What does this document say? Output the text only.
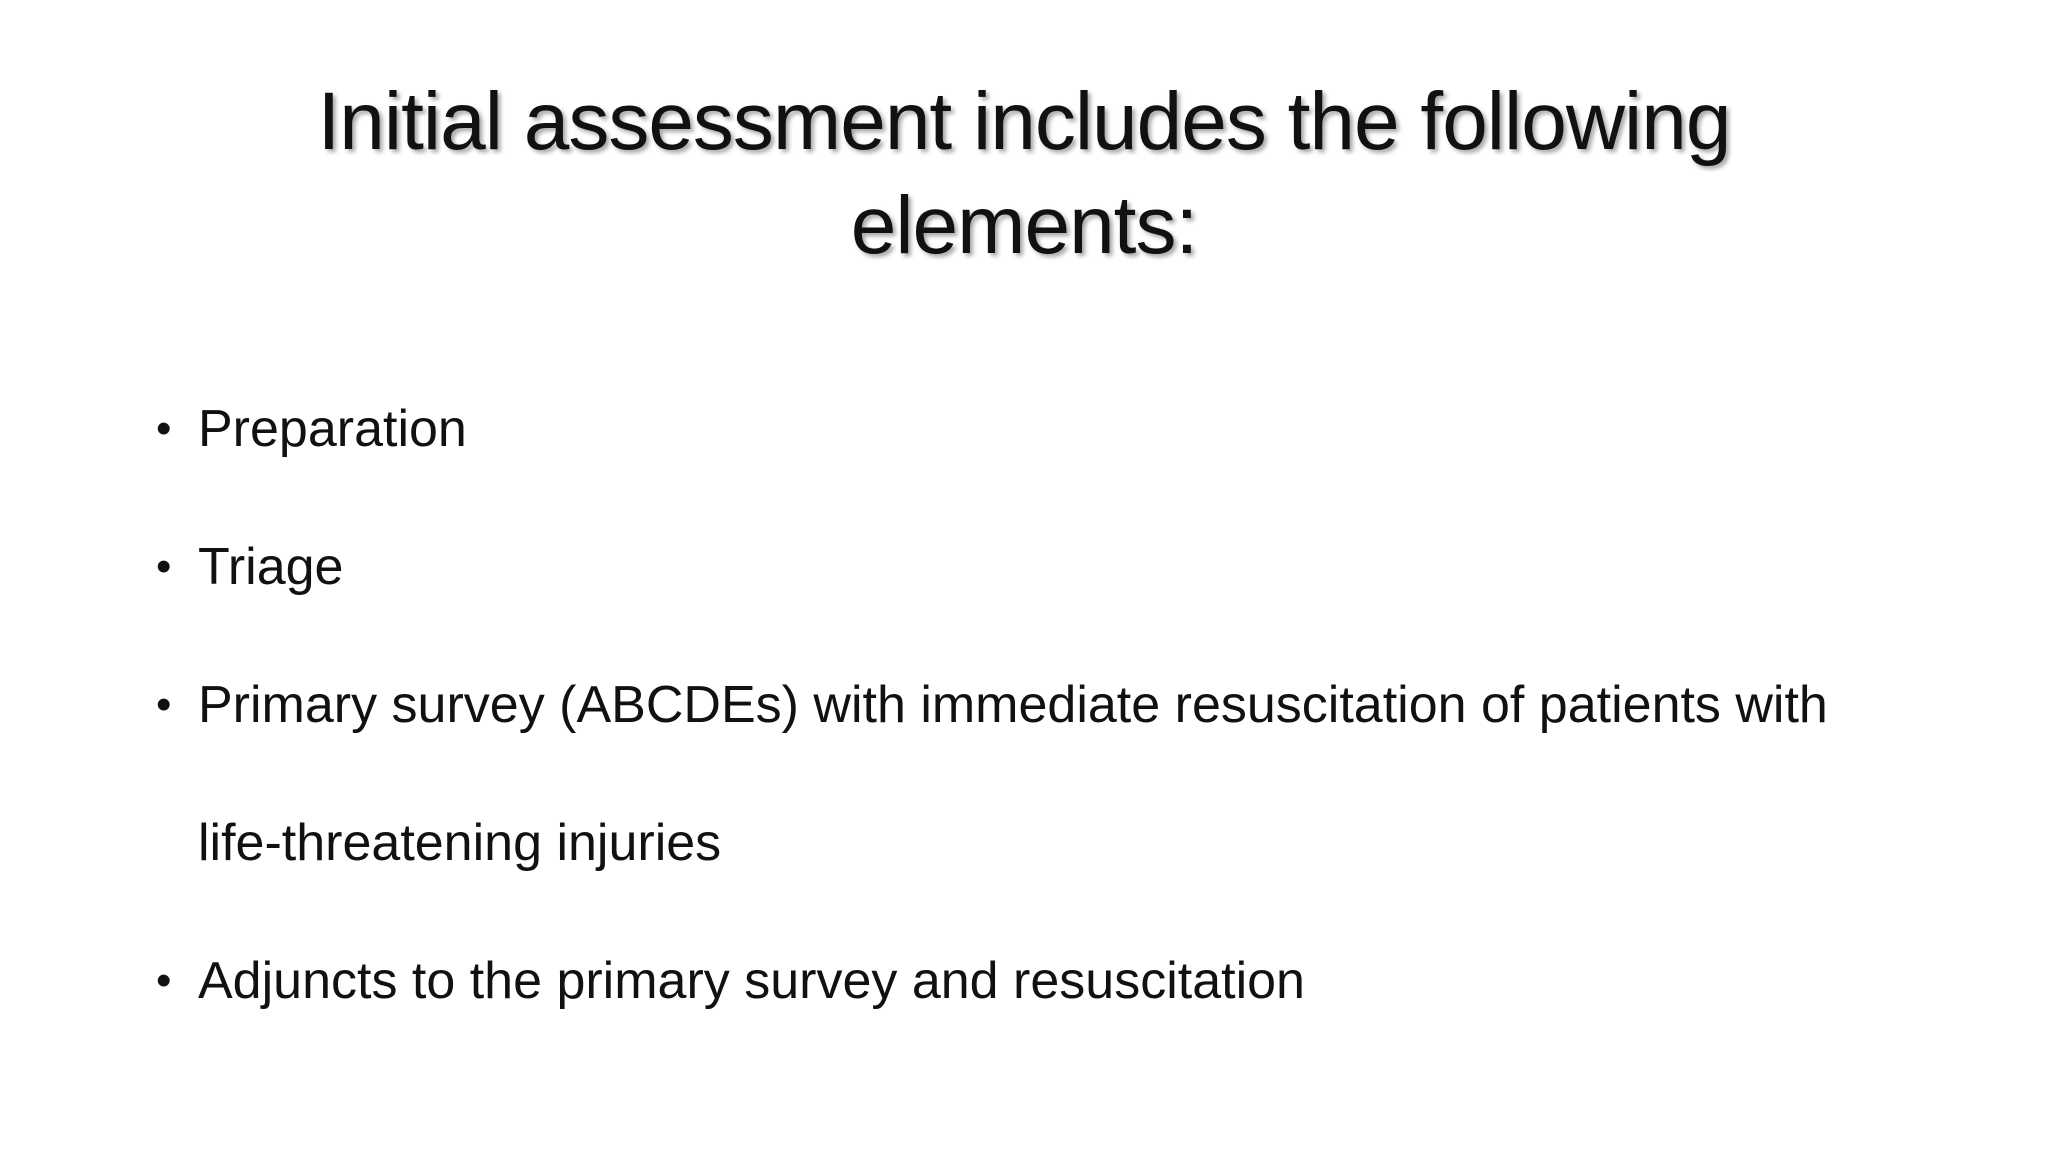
Initial assessment includes the following
elements:
• Preparation
• Triage
• Primary survey (ABCDEs) with immediate resuscitation of patients with life-threatening injuries
• Adjuncts to the primary survey and resuscitation
